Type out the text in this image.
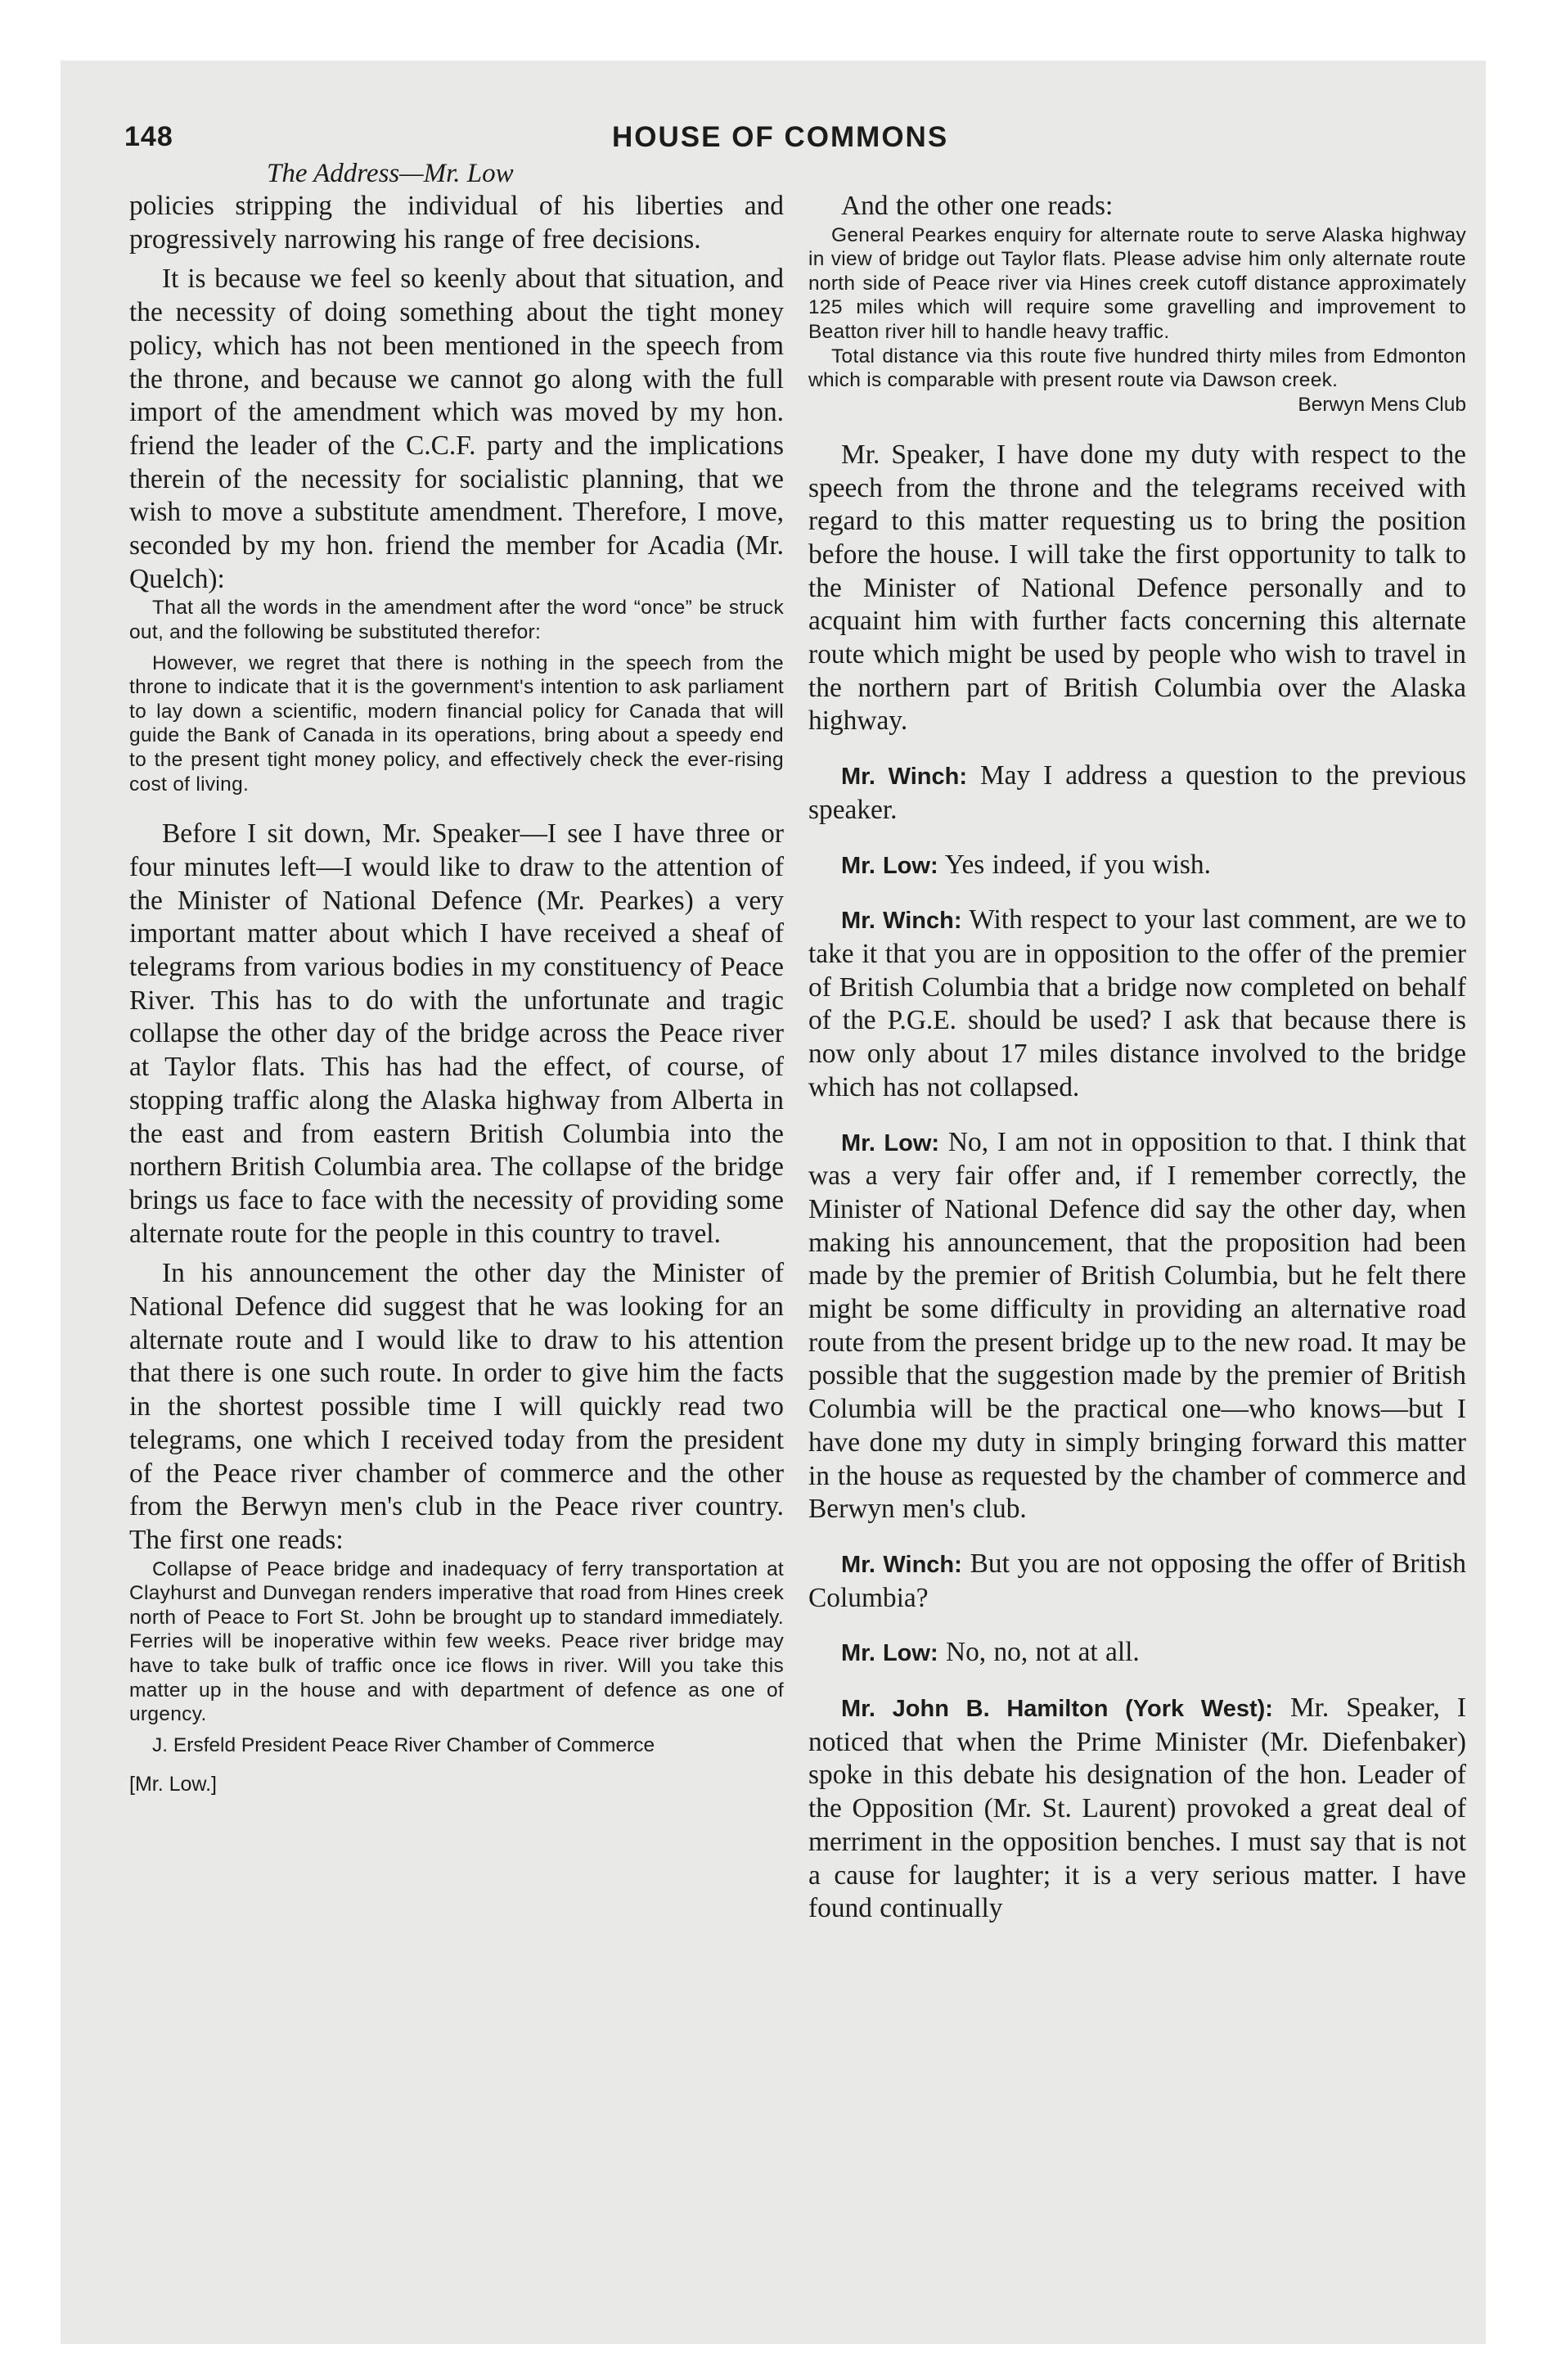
148	HOUSE OF COMMONS
The Address—Mr. Low

policies stripping the individual of his liberties and progressively narrowing his range of free decisions.

It is because we feel so keenly about that situation, and the necessity of doing something about the tight money policy, which has not been mentioned in the speech from the throne, and because we cannot go along with the full import of the amendment which was moved by my hon. friend the leader of the C.C.F. party and the implications therein of the necessity for socialistic planning, that we wish to move a substitute amendment. Therefore, I move, seconded by my hon. friend the member for Acadia (Mr. Quelch):

That all the words in the amendment after the word “once” be struck out, and the following be substituted therefor:

However, we regret that there is nothing in the speech from the throne to indicate that it is the government's intention to ask parliament to lay down a scientific, modern financial policy for Canada that will guide the Bank of Canada in its operations, bring about a speedy end to the present tight money policy, and effectively check the ever-rising cost of living.

Before I sit down, Mr. Speaker—I see I have three or four minutes left—I would like to draw to the attention of the Minister of National Defence (Mr. Pearkes) a very important matter about which I have received a sheaf of telegrams from various bodies in my constituency of Peace River. This has to do with the unfortunate and tragic collapse the other day of the bridge across the Peace river at Taylor flats. This has had the effect, of course, of stopping traffic along the Alaska highway from Alberta in the east and from eastern British Columbia into the northern British Columbia area. The collapse of the bridge brings us face to face with the necessity of providing some alternate route for the people in this country to travel.

In his announcement the other day the Minister of National Defence did suggest that he was looking for an alternate route and I would like to draw to his attention that there is one such route. In order to give him the facts in the shortest possible time I will quickly read two telegrams, one which I received today from the president of the Peace river chamber of commerce and the other from the Berwyn men's club in the Peace river country. The first one reads:

Collapse of Peace bridge and inadequacy of ferry transportation at Clayhurst and Dunvegan renders imperative that road from Hines creek north of Peace to Fort St. John be brought up to standard immediately. Ferries will be inoperative within few weeks. Peace river bridge may have to take bulk of traffic once ice flows in river. Will you take this matter up in the house and with department of defence as one of urgency.

J. Ersfeld President Peace River Chamber of Commerce

[Mr. Low.]

And the other one reads:

General Pearkes enquiry for alternate route to serve Alaska highway in view of bridge out Taylor flats. Please advise him only alternate route north side of Peace river via Hines creek cutoff distance approximately 125 miles which will require some gravelling and improvement to Beatton river hill to handle heavy traffic.

Total distance via this route five hundred thirty miles from Edmonton which is comparable with present route via Dawson creek.

Berwyn Mens Club

Mr. Speaker, I have done my duty with respect to the speech from the throne and the telegrams received with regard to this matter requesting us to bring the position before the house. I will take the first opportunity to talk to the Minister of National Defence personally and to acquaint him with further facts concerning this alternate route which might be used by people who wish to travel in the northern part of British Columbia over the Alaska highway.

Mr. Winch: May I address a question to the previous speaker.

Mr. Low: Yes indeed, if you wish.

Mr. Winch: With respect to your last comment, are we to take it that you are in opposition to the offer of the premier of British Columbia that a bridge now completed on behalf of the P.G.E. should be used? I ask that because there is now only about 17 miles distance involved to the bridge which has not collapsed.

Mr. Low: No, I am not in opposition to that. I think that was a very fair offer and, if I remember correctly, the Minister of National Defence did say the other day, when making his announcement, that the proposition had been made by the premier of British Columbia, but he felt there might be some difficulty in providing an alternative road route from the present bridge up to the new road. It may be possible that the suggestion made by the premier of British Columbia will be the practical one—who knows—but I have done my duty in simply bringing forward this matter in the house as requested by the chamber of commerce and Berwyn men's club.

Mr. Winch: But you are not opposing the offer of British Columbia?

Mr. Low: No, no, not at all.

Mr. John B. Hamilton (York West): Mr. Speaker, I noticed that when the Prime Minister (Mr. Diefenbaker) spoke in this debate his designation of the hon. Leader of the Opposition (Mr. St. Laurent) provoked a great deal of merriment in the opposition benches. I must say that is not a cause for laughter; it is a very serious matter. I have found continually
